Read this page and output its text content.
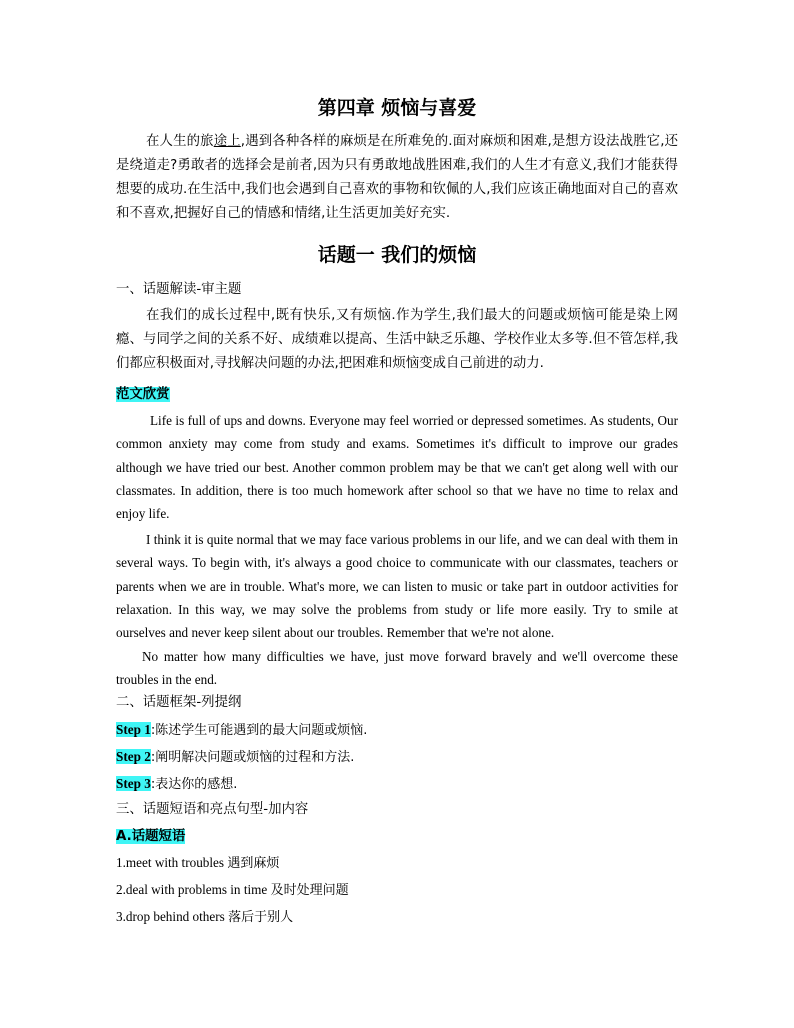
第四章 烦恼与喜爱

在人生的旅途上,遇到各种各样的麻烦是在所难免的.面对麻烦和困难,是想方设法战胜它,还是绕道走?勇敢者的选择会是前者,因为只有勇敢地战胜困难,我们的人生才有意义,我们才能获得想要的成功.在生活中,我们也会遇到自己喜欢的事物和钦佩的人,我们应该正确地面对自己的喜欢和不喜欢,把握好自己的情感和情绪,让生活更加美好充实.

话题一 我们的烦恼

一、话题解读-审主题

在我们的成长过程中,既有快乐,又有烦恼.作为学生,我们最大的问题或烦恼可能是染上网瘾、与同学之间的关系不好、成绩难以提高、生活中缺乏乐趣、学校作业太多等.但不管怎样,我们都应积极面对,寻找解决问题的办法,把困难和烦恼变成自己前进的动力.

范文欣赏

Life is full of ups and downs. Everyone may feel worried or depressed sometimes. As students, Our common anxiety may come from study and exams. Sometimes it's difficult to improve our grades although we have tried our best. Another common problem may be that we can't get along well with our classmates. In addition, there is too much homework after school so that we have no time to relax and enjoy life.

I think it is quite normal that we may face various problems in our life, and we can deal with them in several ways. To begin with, it's always a good choice to communicate with our classmates, teachers or parents when we are in trouble. What's more, we can listen to music or take part in outdoor activities for relaxation. In this way, we may solve the problems from study or life more easily. Try to smile at ourselves and never keep silent about our troubles. Remember that we're not alone.

No matter how many difficulties we have, just move forward bravely and we'll overcome these troubles in the end.

二、话题框架-列提纲

Step 1:陈述学生可能遇到的最大问题或烦恼.

Step 2:阐明解决问题或烦恼的过程和方法.

Step 3:表达你的感想.

三、话题短语和亮点句型-加内容

A.话题短语

1.meet with troubles 遇到麻烦

2.deal with problems in time 及时处理问题

3.drop behind others 落后于别人
